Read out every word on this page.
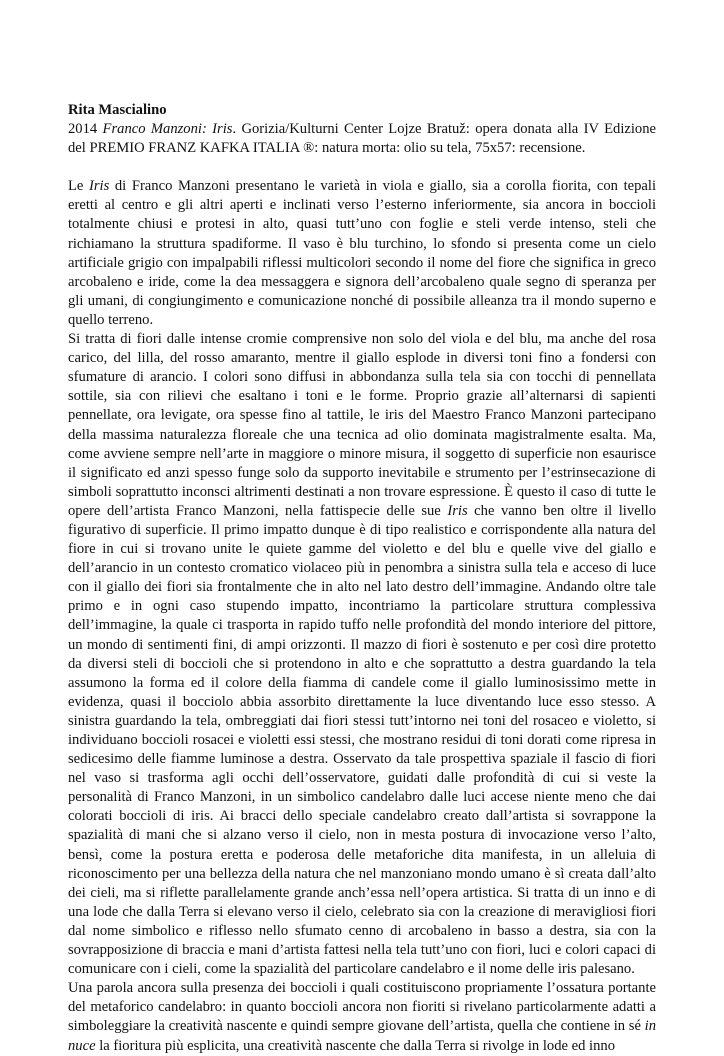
Rita Mascialino

2014 Franco Manzoni: Iris. Gorizia/Kulturni Center Lojze Bratuž: opera donata alla IV Edizione del PREMIO FRANZ KAFKA ITALIA ®: natura morta: olio su tela, 75x57: recensione.

Le Iris di Franco Manzoni presentano le varietà in viola e giallo, sia a corolla fiorita, con tepali eretti al centro e gli altri aperti e inclinati verso l’esterno inferiormente, sia ancora in boccioli totalmente chiusi e protesi in alto, quasi tutt’uno con foglie e steli verde intenso, steli che richiamano la struttura spadiforme. Il vaso è blu turchino, lo sfondo si presenta come un cielo artificiale grigio con impalpabili riflessi multicolori secondo il nome del fiore che significa in greco arcobaleno e iride, come la dea messaggera e signora dell’arcobaleno quale segno di speranza per gli umani, di congiungimento e comunicazione nonché di possibile alleanza tra il mondo superno e quello terreno.

Si tratta di fiori dalle intense cromie comprensive non solo del viola e del blu, ma anche del rosa carico, del lilla, del rosso amaranto, mentre il giallo esplode in diversi toni fino a fondersi con sfumature di arancio. I colori sono diffusi in abbondanza sulla tela sia con tocchi di pennellata sottile, sia con rilievi che esaltano i toni e le forme. Proprio grazie all’alternarsi di sapienti pennellate, ora levigate, ora spesse fino al tattile, le iris del Maestro Franco Manzoni partecipano della massima naturalezza floreale che una tecnica ad olio dominata magistralmente esalta. Ma, come avviene sempre nell’arte in maggiore o minore misura, il soggetto di superficie non esaurisce il significato ed anzi spesso funge solo da supporto inevitabile e strumento per l’estrinsecazione di simboli soprattutto inconsci altrimenti destinati a non trovare espressione. È questo il caso di tutte le opere dell’artista Franco Manzoni, nella fattispecie delle sue Iris che vanno ben oltre il livello figurativo di superficie. Il primo impatto dunque è di tipo realistico e corrispondente alla natura del fiore in cui si trovano unite le quiete gamme del violetto e del blu e quelle vive del giallo e dell’arancio in un contesto cromatico violaceo più in penombra a sinistra sulla tela e acceso di luce con il giallo dei fiori sia frontalmente che in alto nel lato destro dell’immagine. Andando oltre tale primo e in ogni caso stupendo impatto, incontriamo la particolare struttura complessiva dell’immagine, la quale ci trasporta in rapido tuffo nelle profondità del mondo interiore del pittore, un mondo di sentimenti fini, di ampi orizzonti. Il mazzo di fiori è sostenuto e per così dire protetto da diversi steli di boccioli che si protendono in alto e che soprattutto a destra guardando la tela assumono la forma ed il colore della fiamma di candele come il giallo luminosissimo mette in evidenza, quasi il bocciolo abbia assorbito direttamente la luce diventando luce esso stesso. A sinistra guardando la tela, ombreggiati dai fiori stessi tutt’intorno nei toni del rosaceo e violetto, si individuano boccioli rosacei e violetti essi stessi, che mostrano residui di toni dorati come ripresa in sedicesimo delle fiamme luminose a destra. Osservato da tale prospettiva spaziale il fascio di fiori nel vaso si trasforma agli occhi dell’osservatore, guidati dalle profondità di cui si veste la personalità di Franco Manzoni, in un simbolico candelabro dalle luci accese niente meno che dai colorati boccioli di iris. Ai bracci dello speciale candelabro creato dall’artista si sovrappone la spazialità di mani che si alzano verso il cielo, non in mesta postura di invocazione verso l’alto, bensì, come la postura eretta e poderosa delle metaforiche dita manifesta, in un alleluia di riconoscimento per una bellezza della natura che nel manzoniano mondo umano è sì creata dall’alto dei cieli, ma si riflette parallelamente grande anch’essa nell’opera artistica. Si tratta di un inno e di una lode che dalla Terra si elevano verso il cielo, celebrato sia con la creazione di meravigliosi fiori dal nome simbolico e riflesso nello sfumato cenno di arcobaleno in basso a destra, sia con la sovrapposizione di braccia e mani d’artista fattesi nella tela tutt’uno con fiori, luci e colori capaci di comunicare con i cieli, come la spazialità del particolare candelabro e il nome delle iris palesano.

Una parola ancora sulla presenza dei boccioli i quali costituiscono propriamente l’ossatura portante del metaforico candelabro: in quanto boccioli ancora non fioriti si rivelano particolarmente adatti a simboleggiare la creatività nascente e quindi sempre giovane dell’artista, quella che contiene in sé in nuce la fioritura più esplicita, una creatività nascente che dalla Terra si rivolge in lode ed inno
